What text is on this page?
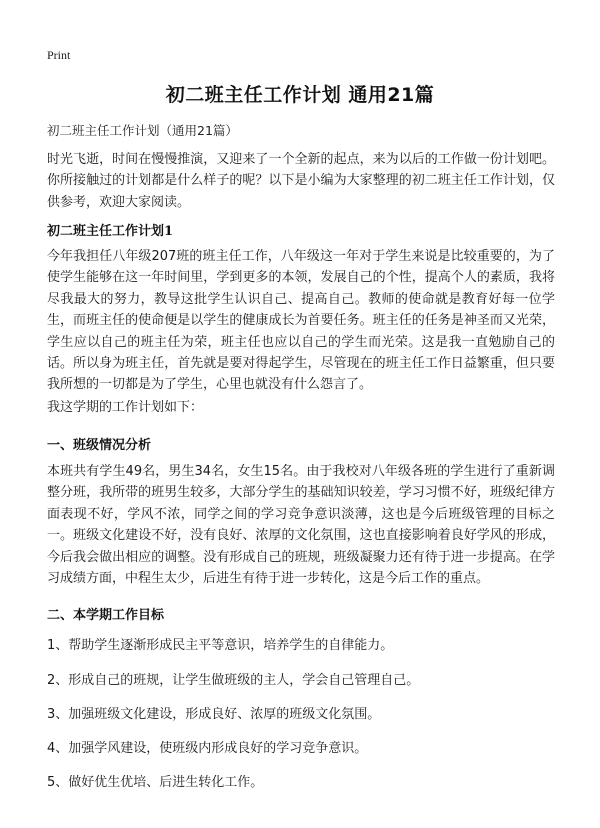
Print
初二班主任工作计划 通用21篇
初二班主任工作计划（通用21篇）

时光飞逝，时间在慢慢推演，又迎来了一个全新的起点，来为以后的工作做一份计划吧。你所接触过的计划都是什么样子的呢？以下是小编为大家整理的初二班主任工作计划，仅供参考，欢迎大家阅读。

初二班主任工作计划1

今年我担任八年级207班的班主任工作，八年级这一年对于学生来说是比较重要的，为了使学生能够在这一年时间里，学到更多的本领，发展自己的个性，提高个人的素质，我将尽我最大的努力，教导这批学生认识自己、提高自己。教师的使命就是教育好每一位学生，而班主任的使命便是以学生的健康成长为首要任务。班主任的任务是神圣而又光荣，学生应以自己的班主任为荣，班主任也应以自己的学生而光荣。这是我一直勉励自己的话。所以身为班主任，首先就是要对得起学生，尽管现在的班主任工作日益繁重，但只要我所想的一切都是为了学生，心里也就没有什么怨言了。

我这学期的工作计划如下：

一、班级情况分析

本班共有学生49名，男生34名，女生15名。由于我校对八年级各班的学生进行了重新调整分班，我所带的班男生较多，大部分学生的基础知识较差，学习习惯不好，班级纪律方面表现不好，学风不浓，同学之间的学习竞争意识淡薄，这也是今后班级管理的目标之一。班级文化建设不好，没有良好、浓厚的文化氛围，这也直接影响着良好学风的形成，今后我会做出相应的调整。没有形成自己的班规，班级凝聚力还有待于进一步提高。在学习成绩方面，中程生太少，后进生有待于进一步转化，这是今后工作的重点。

二、本学期工作目标

1、帮助学生逐渐形成民主平等意识，培养学生的自律能力。

2、形成自己的班规，让学生做班级的主人，学会自己管理自己。

3、加强班级文化建设，形成良好、浓厚的班级文化氛围。

4、加强学风建设，使班级内形成良好的学习竞争意识。

5、做好优生优培、后进生转化工作。
